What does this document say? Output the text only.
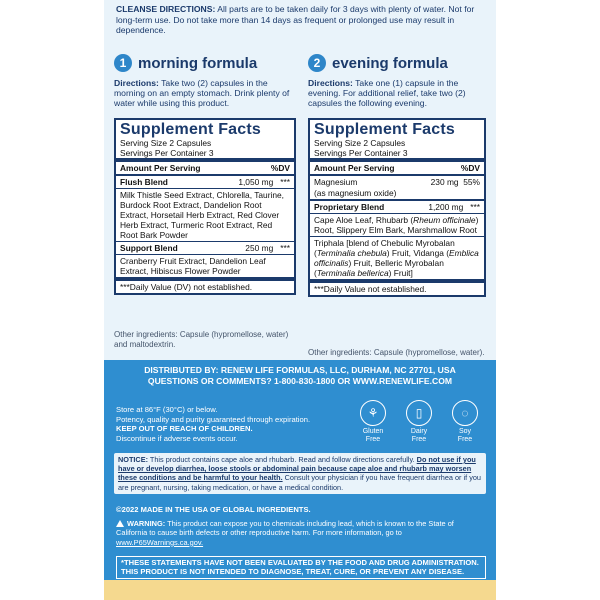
CLEANSE DIRECTIONS: All parts are to be taken daily for 3 days with plenty of water. Not for long-term use. Do not take more than 14 days as frequent or prolonged use may result in dependence.
1 morning formula
Directions: Take two (2) capsules in the morning on an empty stomach. Drink plenty of water while using this product.
Supplement Facts
Serving Size 2 Capsules
Servings Per Container 3
Amount Per Serving	%DV
Flush Blend	1,050 mg ***
Milk Thistle Seed Extract, Chlorella, Taurine, Burdock Root Extract, Dandelion Root Extract, Horsetail Herb Extract, Red Clover Herb Extract, Turmeric Root Extract, Red Root Bark Powder
Support Blend	250 mg ***
Cranberry Fruit Extract, Dandelion Leaf Extract, Hibiscus Flower Powder
***Daily Value (DV) not established.
Other ingredients: Capsule (hypromellose, water) and maltodextrin.
2 evening formula
Directions: Take one (1) capsule in the evening. For additional relief, take two (2) capsules the following evening.
Supplement Facts
Serving Size 2 Capsules
Servings Per Container 3
Amount Per Serving	%DV
Magnesium	230 mg 55%
(as magnesium oxide)
Proprietary Blend	1,200 mg ***
Cape Aloe Leaf, Rhubarb (Rheum officinale) Root, Slippery Elm Bark, Marshmallow Root
Triphala [blend of Chebulic Myrobalan (Terminalia chebula) Fruit, Vidanga (Emblica officinalis) Fruit, Belleric Myrobalan (Terminalia bellerica) Fruit]
***Daily Value not established.
Other ingredients: Capsule (hypromellose, water).
DISTRIBUTED BY: RENEW LIFE FORMULAS, LLC, DURHAM, NC 27701, USA
QUESTIONS OR COMMENTS? 1-800-830-1800 OR WWW.RENEWLIFE.COM
Store at 86°F (30°C) or below.
Potency, quality and purity guaranteed through expiration.
KEEP OUT OF REACH OF CHILDREN.
Discontinue if adverse events occur.
⚘
Gluten
Free
▯
Dairy
Free
◌
Soy
Free
NOTICE: This product contains cape aloe and rhubarb. Read and follow directions carefully. Do not use if you have or develop diarrhea, loose stools or abdominal pain because cape aloe and rhubarb may worsen these conditions and be harmful to your health. Consult your physician if you have frequent diarrhea or if you are pregnant, nursing, taking medication, or have a medical condition.
©2022 MADE IN THE USA OF GLOBAL INGREDIENTS.
WARNING: This product can expose you to chemicals including lead, which is known to the State of California to cause birth defects or other reproductive harm. For more information, go to www.P65Warnings.ca.gov.
*THESE STATEMENTS HAVE NOT BEEN EVALUATED BY THE FOOD AND DRUG ADMINISTRATION. THIS PRODUCT IS NOT INTENDED TO DIAGNOSE, TREAT, CURE, OR PREVENT ANY DISEASE.
